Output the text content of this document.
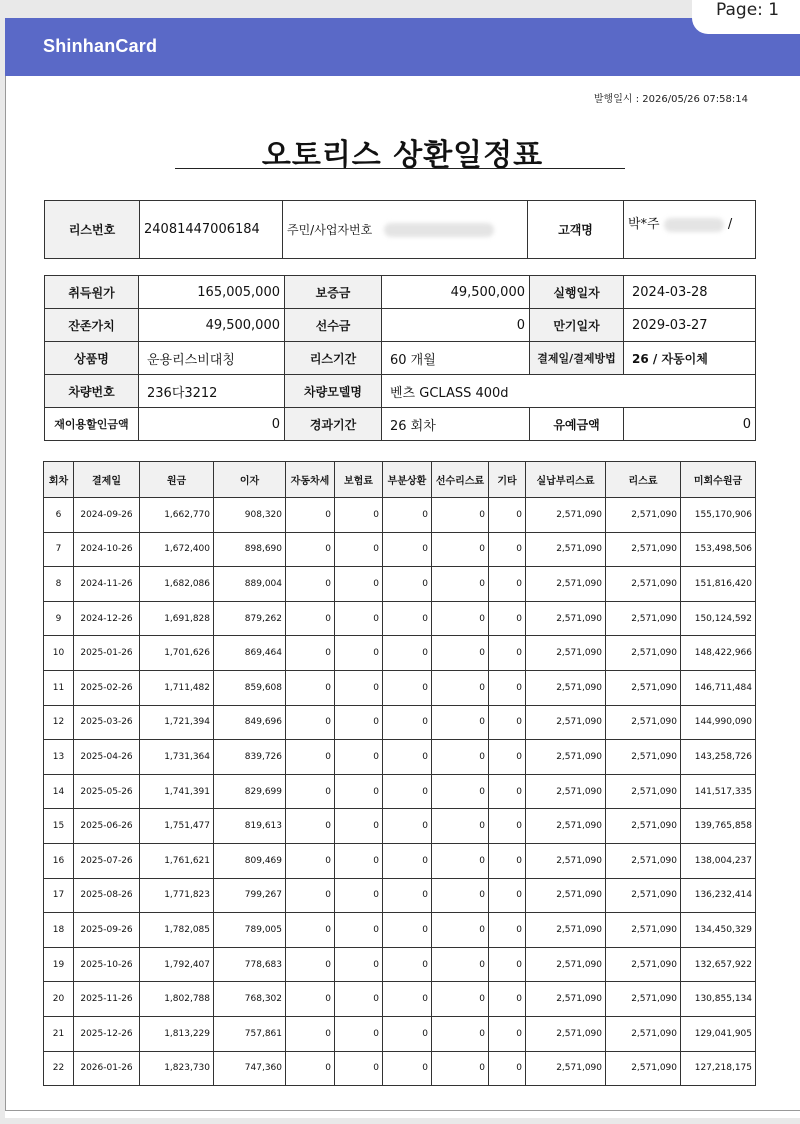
Page: 1
ShinhanCard
발행일시 : 2026/05/26 07:58:14
오토리스 상환일정표
리스번호	24081447006184	주민/사업자번호		고객명	박*주	/
취득원가	165,005,000	보증금	49,500,000	실행일자	2024-03-28
잔존가치	49,500,000	선수금	0	만기일자	2029-03-27
상품명	운용리스비대칭	리스기간	60 개월	결제일/결제방법	26 / 자동이체
차량번호	236다3212	차량모델명	벤츠 GCLASS 400d		
재이용할인금액	0	경과기간	26 회차	유예금액	0
회차	결제일	원금	이자	자동차세	보험료	부분상환	선수리스료	기타	실납부리스료	리스료	미회수원금
6	2024-09-26	1,662,770	908,320	0	0	0	0	0	2,571,090	2,571,090	155,170,906
7	2024-10-26	1,672,400	898,690	0	0	0	0	0	2,571,090	2,571,090	153,498,506
8	2024-11-26	1,682,086	889,004	0	0	0	0	0	2,571,090	2,571,090	151,816,420
9	2024-12-26	1,691,828	879,262	0	0	0	0	0	2,571,090	2,571,090	150,124,592
10	2025-01-26	1,701,626	869,464	0	0	0	0	0	2,571,090	2,571,090	148,422,966
11	2025-02-26	1,711,482	859,608	0	0	0	0	0	2,571,090	2,571,090	146,711,484
12	2025-03-26	1,721,394	849,696	0	0	0	0	0	2,571,090	2,571,090	144,990,090
13	2025-04-26	1,731,364	839,726	0	0	0	0	0	2,571,090	2,571,090	143,258,726
14	2025-05-26	1,741,391	829,699	0	0	0	0	0	2,571,090	2,571,090	141,517,335
15	2025-06-26	1,751,477	819,613	0	0	0	0	0	2,571,090	2,571,090	139,765,858
16	2025-07-26	1,761,621	809,469	0	0	0	0	0	2,571,090	2,571,090	138,004,237
17	2025-08-26	1,771,823	799,267	0	0	0	0	0	2,571,090	2,571,090	136,232,414
18	2025-09-26	1,782,085	789,005	0	0	0	0	0	2,571,090	2,571,090	134,450,329
19	2025-10-26	1,792,407	778,683	0	0	0	0	0	2,571,090	2,571,090	132,657,922
20	2025-11-26	1,802,788	768,302	0	0	0	0	0	2,571,090	2,571,090	130,855,134
21	2025-12-26	1,813,229	757,861	0	0	0	0	0	2,571,090	2,571,090	129,041,905
22	2026-01-26	1,823,730	747,360	0	0	0	0	0	2,571,090	2,571,090	127,218,175
